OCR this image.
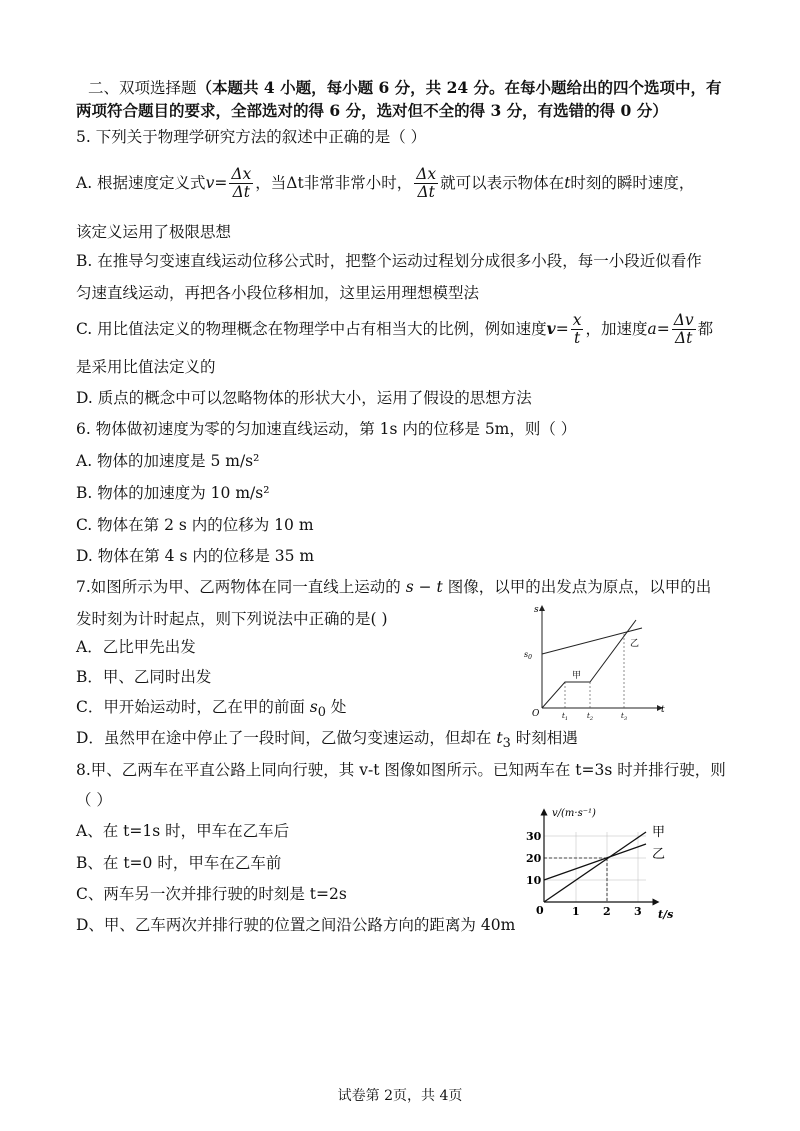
二、双项选择题（本题共 4 小题，每小题 6 分，共 24 分。在每小题给出的四个选项中，有
两项符合题目的要求，全部选对的得 6 分，选对但不全的得 3 分，有选错的得 0 分）
5. 下列关于物理学研究方法的叙述中正确的是（ ）
A. 根据速度定义式 $v = \frac{\Delta x}{\Delta t}$ ，当 Δt 非常非常小时， $\frac{\Delta x}{\Delta t}$ 就可以表示物体在 t 时刻的瞬时速度，
该定义运用了极限思想
B. 在推导匀变速直线运动位移公式时，把整个运动过程划分成很多小段，每一小段近似看作
匀速直线运动，再把各小段位移相加，这里运用理想模型法
C. 用比值法定义的物理概念在物理学中占有相当大的比例，例如速度 $v = \frac{x}{t}$ ，加速度 $a = \frac{\Delta v}{\Delta t}$ 都
是采用比值法定义的
D. 质点的概念中可以忽略物体的形状大小，运用了假设的思想方法
6. 物体做初速度为零的匀加速直线运动，第 1s 内的位移是 5m，则（ ）
A. 物体的加速度是 5 m/s²
B. 物体的加速度为 10 m/s²
C. 物体在第 2 s 内的位移为 10 m
D. 物体在第 4 s 内的位移是 35 m
7.如图所示为甲、乙两物体在同一直线上运动的 s − t 图像，以甲的出发点为原点，以甲的出
发时刻为计时起点，则下列说法中正确的是( )
A．乙比甲先出发
B．甲、乙同时出发
C．甲开始运动时，乙在甲的前面 $s_0$ 处
D．虽然甲在途中停止了一段时间，乙做匀变速运动，但却在 $t_3$ 时刻相遇
s
t
O
$s_0$
$t_1$	$t_2$	$t_3$
甲
乙
8.甲、乙两车在平直公路上同向行驶，其 v-t 图像如图所示。已知两车在 t=3s 时并排行驶，则
（ ）
A、在 t=1s 时，甲车在乙车后
B、在 t=0 时，甲车在乙车前
C、两车另一次并排行驶的时刻是 t=2s
D、甲、乙车两次并排行驶的位置之间沿公路方向的距离为 40m
v/(m·s⁻¹)
t/s
0
10
20
30
1 2 3
甲
乙
试卷第 2页，共 4页
